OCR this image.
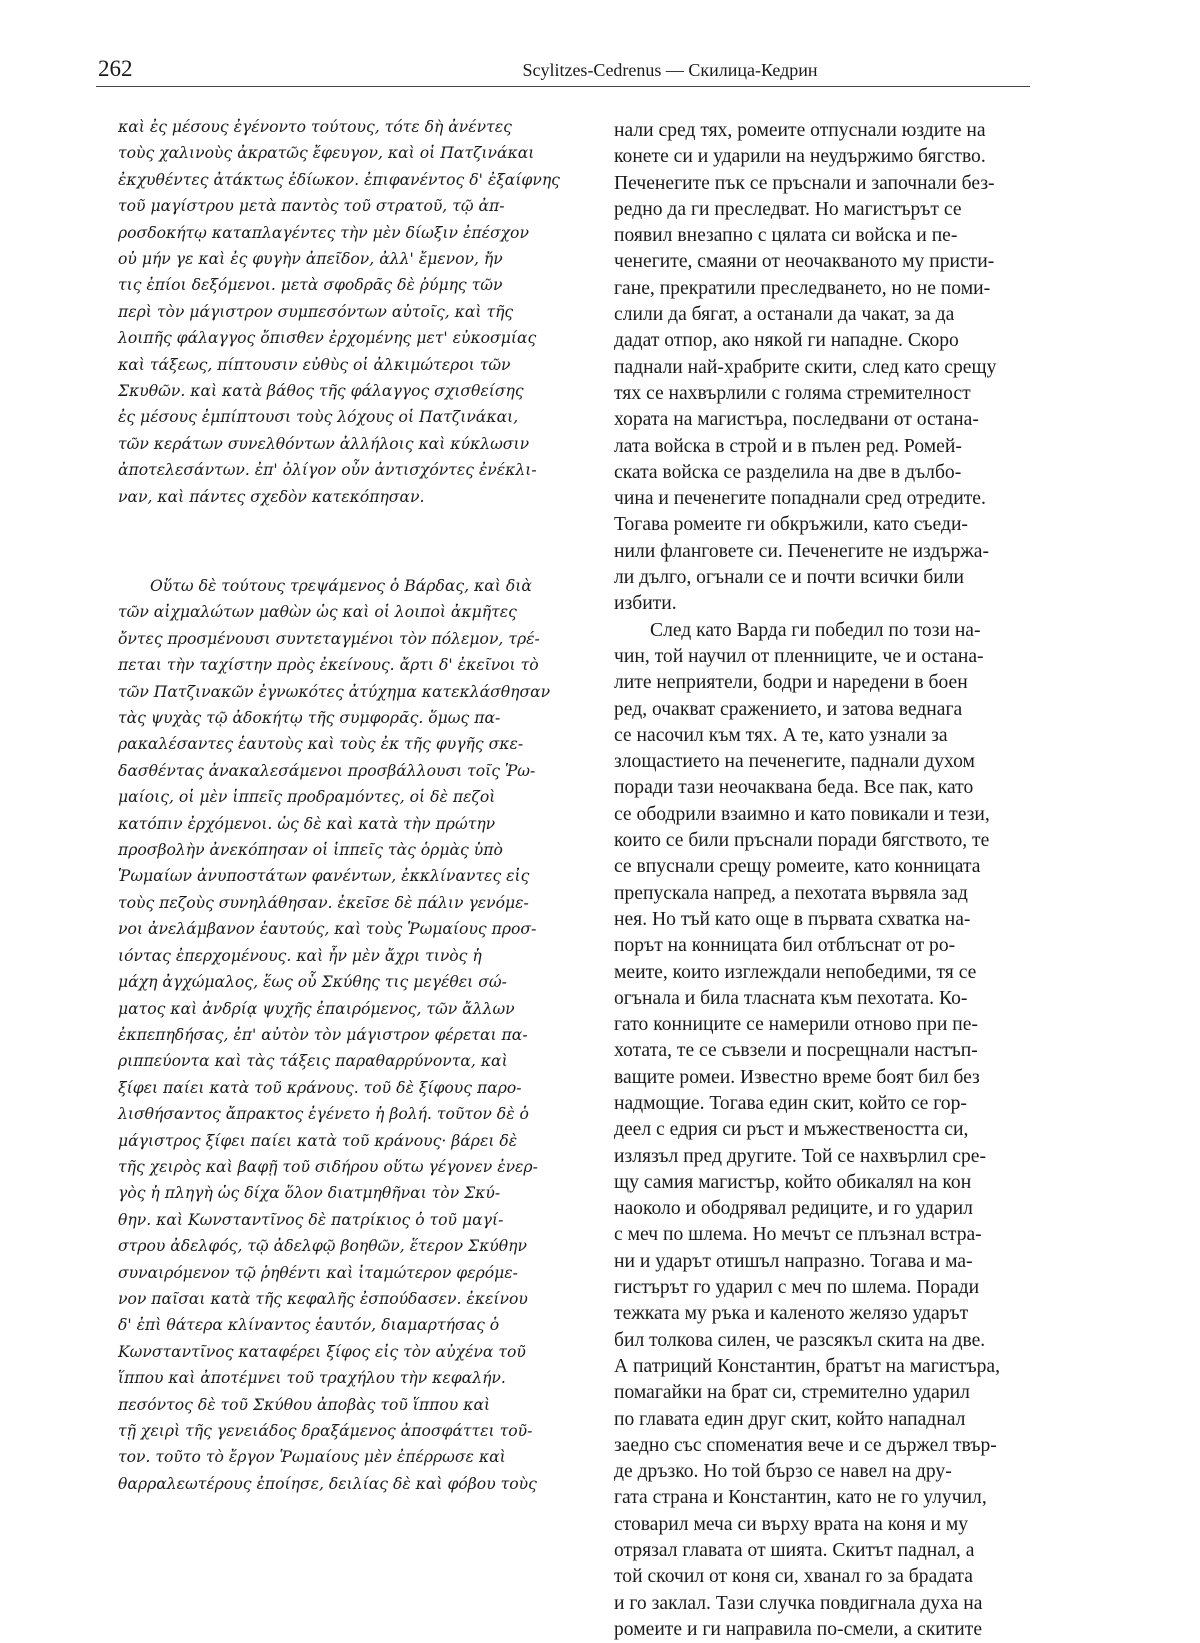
262	Scylitzes-Cedrenus — Скилица-Кедрин
καὶ ἐς μέσους ἐγένοντο τούτους, τότε δὴ ἀνέντες
τοὺς χαλινοὺς ἀκρατῶς ἔφευγον, καὶ οἱ Πατζινάκαι
ἐκχυθέντες ἀτάκτως ἐδίωκον. ἐπιφανέντος δ' ἐξαίφνης
τοῦ μαγίστρου μετὰ παντὸς τοῦ στρατοῦ, τῷ ἀπ-
ροσδοκήτῳ καταπλαγέντες τὴν μὲν δίωξιν ἐπέσχον
οὐ μήν γε καὶ ἐς φυγὴν ἀπεῖδον, ἀλλ' ἔμενον, ἤν
τις ἐπίοι δεξόμενοι. μετὰ σφοδρᾶς δὲ ῥύμης τῶν
περὶ τὸν μάγιστρον συμπεσόντων αὐτοῖς, καὶ τῆς
λοιπῆς φάλαγγος ὄπισθεν ἐρχομένης μετ' εὐκοσμίας
καὶ τάξεως, πίπτουσιν εὐθὺς οἱ ἀλκιμώτεροι τῶν
Σκυθῶν. καὶ κατὰ βάθος τῆς φάλαγγος σχισθείσης
ἐς μέσους ἐμπίπτουσι τοὺς λόχους οἱ Πατζινάκαι,
τῶν κεράτων συνελθόντων ἀλλήλοις καὶ κύκλωσιν
ἀποτελεσάντων. ἐπ' ὀλίγον οὖν ἀντισχόντες ἐνέκλι-
ναν, καὶ πάντες σχεδὸν κατεκόπησαν.
Οὕτω δὲ τούτους τρεψάμενος ὁ Βάρδας, καὶ διὰ
τῶν αἰχμαλώτων μαθὼν ὡς καὶ οἱ λοιποὶ ἀκμῆτες
ὄντες προσμένουσι συντεταγμένοι τὸν πόλεμον, τρέ-
πεται τὴν ταχίστην πρὸς ἐκείνους. ἄρτι δ' ἐκεῖνοι τὸ
τῶν Πατζινακῶν ἐγνωκότες ἀτύχημα κατεκλάσθησαν
τὰς ψυχὰς τῷ ἀδοκήτῳ τῆς συμφορᾶς. ὅμως πα-
ρακαλέσαντες ἑαυτοὺς καὶ τοὺς ἐκ τῆς φυγῆς σκε-
δασθέντας ἀνακαλεσάμενοι προσβάλλουσι τοῖς Ῥω-
μαίοις, οἱ μὲν ἱππεῖς προδραμόντες, οἱ δὲ πεζοὶ
κατόπιν ἐρχόμενοι. ὡς δὲ καὶ κατὰ τὴν πρώτην
προσβολὴν ἀνεκόπησαν οἱ ἱππεῖς τὰς ὁρμὰς ὑπὸ
Ῥωμαίων ἀνυποστάτων φανέντων, ἐκκλίναντες εἰς
τοὺς πεζοὺς συνηλάθησαν. ἐκεῖσε δὲ πάλιν γενόμε-
νοι ἀνελάμβανον ἑαυτούς, καὶ τοὺς Ῥωμαίους προσ-
ιόντας ἐπερχομένους. καὶ ἦν μὲν ἄχρι τινὸς ἡ
μάχη ἀγχώμαλος, ἕως οὗ Σκύθης τις μεγέθει σώ-
ματος καὶ ἀνδρίᾳ ψυχῆς ἐπαιρόμενος, τῶν ἄλλων
ἐκπεπηδήσας, ἐπ' αὐτὸν τὸν μάγιστρον φέρεται πα-
ριππεύοντα καὶ τὰς τάξεις παραθαρρύνοντα, καὶ
ξίφει παίει κατὰ τοῦ κράνους. τοῦ δὲ ξίφους παρο-
λισθήσαντος ἄπρακτος ἐγένετο ἡ βολή. τοῦτον δὲ ὁ
μάγιστρος ξίφει παίει κατὰ τοῦ κράνους· βάρει δὲ
τῆς χειρὸς καὶ βαφῇ τοῦ σιδήρου οὕτω γέγονεν ἐνερ-
γὸς ἡ πληγὴ ὡς δίχα ὅλον διατμηθῆναι τὸν Σκύ-
θην. καὶ Κωνσταντῖνος δὲ πατρίκιος ὁ τοῦ μαγί-
στρου ἀδελφός, τῷ ἀδελφῷ βοηθῶν, ἕτερον Σκύθην
συναιρόμενον τῷ ῥηθέντι καὶ ἰταμώτερον φερόμε-
νον παῖσαι κατὰ τῆς κεφαλῆς ἐσπούδασεν. ἐκείνου
δ' ἐπὶ θάτερα κλίναντος ἑαυτόν, διαμαρτήσας ὁ
Κωνσταντῖνος καταφέρει ξίφος εἰς τὸν αὐχένα τοῦ
ἵππου καὶ ἀποτέμνει τοῦ τραχήλου τὴν κεφαλήν.
πεσόντος δὲ τοῦ Σκύθου ἀποβὰς τοῦ ἵππου καὶ
τῇ χειρὶ τῆς γενειάδος δραξάμενος ἀποσφάττει τοῦ-
τον. τοῦτο τὸ ἔργον Ῥωμαίους μὲν ἐπέρρωσε καὶ
θαρραλεωτέρους ἐποίησε, δειλίας δὲ καὶ φόβου τοὺς
нали сред тях, ромеите отпуснали юздите на
конете си и ударили на неудържимо бягство.
Печенегите пък се пръснали и започнали без-
редно да ги преследват. Но магистърът се
появил внезапно с цялата си войска и пе-
ченегите, смаяни от неочакваното му присти-
гане, прекратили преследването, но не поми-
слили да бягат, а останали да чакат, за да
дадат отпор, ако някой ги нападне. Скоро
паднали най-храбрите скити, след като срещу
тях се нахвърлили с голяма стремителност
хората на магистъра, последвани от остана-
лата войска в строй и в пълен ред. Ромей-
ската войска се разделила на две в дълбо-
чина и печенегите попаднали сред отредите.
Тогава ромеите ги обкръжили, като съеди-
нили фланговете си. Печенегите не издържа-
ли дълго, огънали се и почти всички били
избити.
След като Варда ги победил по този на-
чин, той научил от пленниците, че и остана-
лите неприятели, бодри и наредени в боен
ред, очакват сражението, и затова веднага
се насочил към тях. А те, като узнали за
злощастието на печенегите, паднали духом
поради тази неочаквана беда. Все пак, като
се ободрили взаимно и като повикали и тези,
които се били пръснали поради бягството, те
се впуснали срещу ромеите, като конницата
препускала напред, а пехотата вървяла зад
нея. Но тъй като още в първата схватка на-
порът на конницата бил отблъснат от ро-
меите, които изглеждали непобедими, тя се
огънала и била тласната към пехотата. Ко-
гато конниците се намерили отново при пе-
хотата, те се съвзели и посрещнали настъп-
ващите ромеи. Известно време боят бил без
надмощие. Тогава един скит, който се гор-
деел с едрия си ръст и мъжествеността си,
излязъл пред другите. Той се нахвърлил сре-
щу самия магистър, който обикалял на кон
наоколо и ободрявал редиците, и го ударил
с меч по шлема. Но мечът се плъзнал встра-
ни и ударът отишъл напразно. Тогава и ма-
гистърът го ударил с меч по шлема. Поради
тежката му ръка и каленото желязо ударът
бил толкова силен, че разсякъл скита на две.
А патриций Константин, братът на магистъра,
помагайки на брат си, стремително ударил
по главата един друг скит, който нападнал
заедно със споменатия вече и се държел твър-
де дръзко. Но той бързо се навел на дру-
гата страна и Константин, като не го улучил,
стоварил меча си върху врата на коня и му
отрязал главата от шията. Скитът паднал, а
той скочил от коня си, хванал го за брадата
и го заклал. Тази случка повдигнала духа на
ромеите и ги направила по-смели, а скитите
